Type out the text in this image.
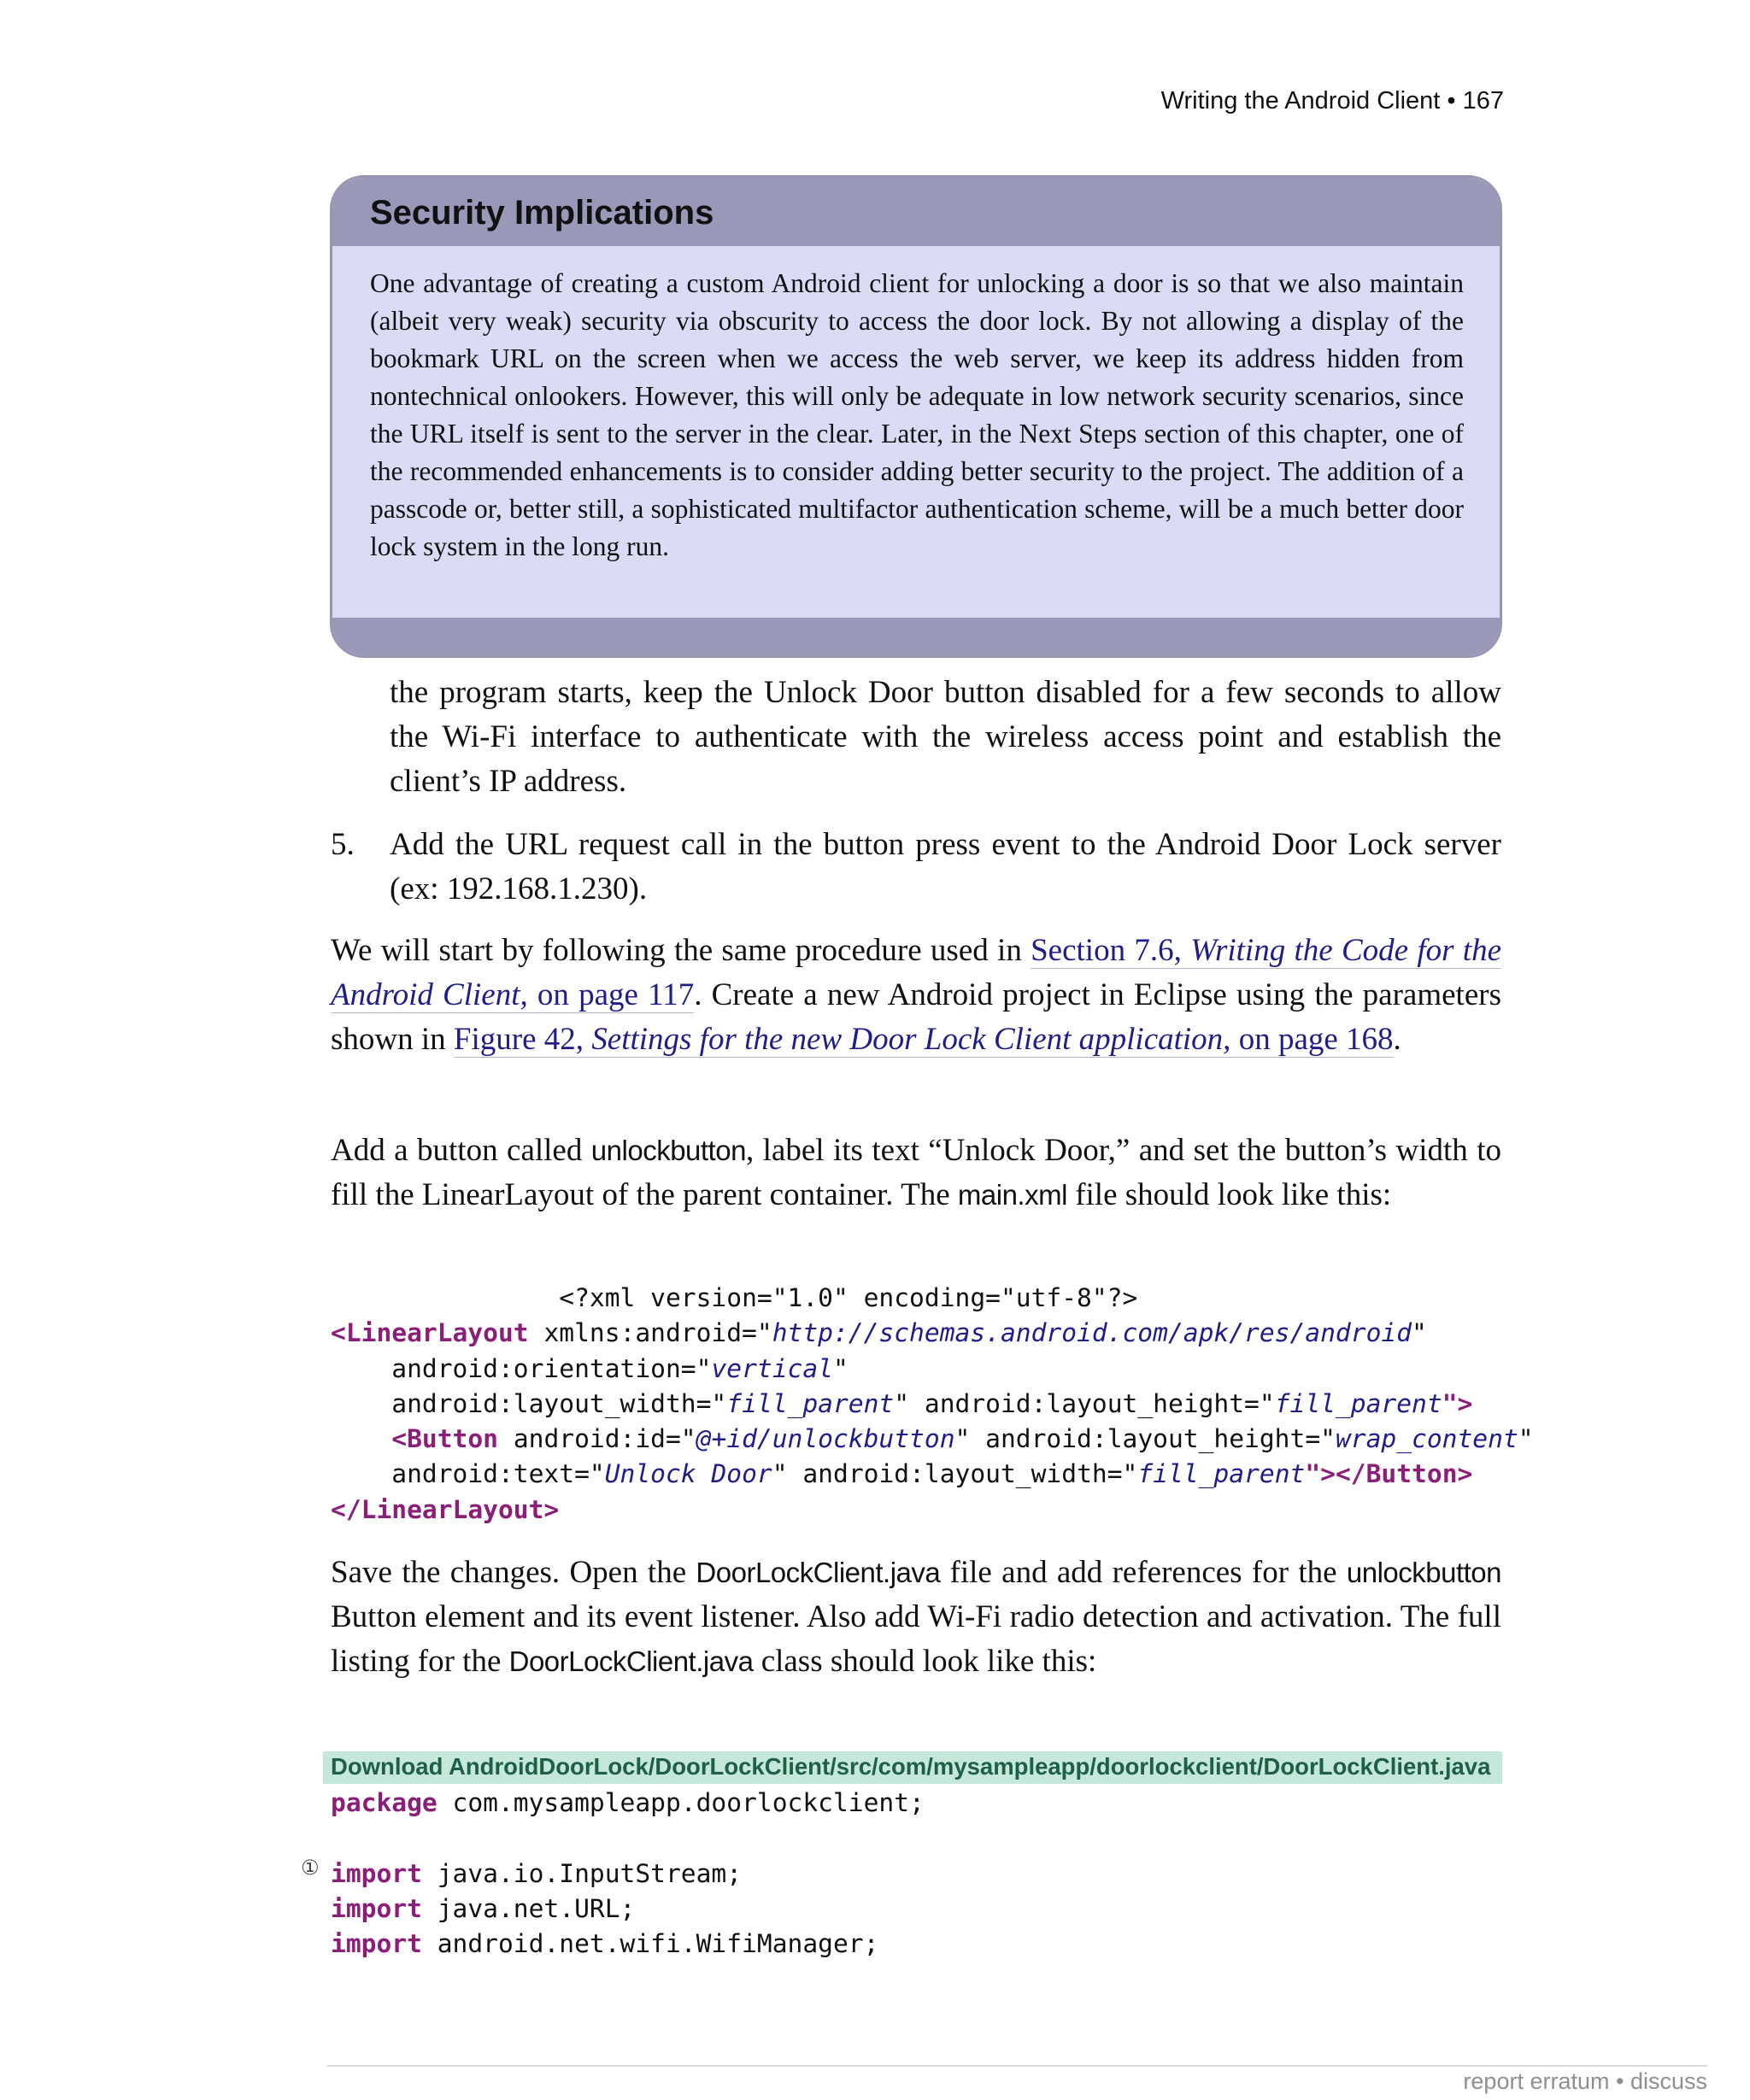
Writing the Android Client • 167
Security Implications
One advantage of creating a custom Android client for unlocking a door is so that we also maintain (albeit very weak) security via obscurity to access the door lock. By not allowing a display of the bookmark URL on the screen when we access the web server, we keep its address hidden from nontechnical onlookers. However, this will only be adequate in low network security scenarios, since the URL itself is sent to the server in the clear. Later, in the Next Steps section of this chapter, one of the recommended enhancements is to consider adding better security to the project. The addition of a passcode or, better still, a sophisticated multifactor authentication scheme, will be a much better door lock system in the long run.
the program starts, keep the Unlock Door button disabled for a few seconds to allow the Wi-Fi interface to authenticate with the wireless access point and establish the client’s IP address.
5. Add the URL request call in the button press event to the Android Door Lock server (ex: 192.168.1.230).
We will start by following the same procedure used in Section 7.6, Writing the Code for the Android Client, on page 117. Create a new Android project in Eclipse using the parameters shown in Figure 42, Settings for the new Door Lock Client application, on page 168.
Add a button called unlockbutton, label its text “Unlock Door,” and set the button’s width to fill the LinearLayout of the parent container. The main.xml file should look like this:
<?xml version="1.0" encoding="utf-8"?>
<LinearLayout xmlns:android="http://schemas.android.com/apk/res/android"
android:orientation="vertical"
android:layout_width="fill_parent" android:layout_height="fill_parent">
<Button android:id="@+id/unlockbutton" android:layout_height="wrap_content"
android:text="Unlock Door" android:layout_width="fill_parent"></Button>
</LinearLayout>
Save the changes. Open the DoorLockClient.java file and add references for the unlockbutton Button element and its event listener. Also add Wi-Fi radio detection and activation. The full listing for the DoorLockClient.java class should look like this:
Download AndroidDoorLock/DoorLockClient/src/com/mysampleapp/doorlockclient/DoorLockClient.java
①
package com.mysampleapp.doorlockclient;

import java.io.InputStream;
import java.net.URL;
import android.net.wifi.WifiManager;
report erratum • discuss
